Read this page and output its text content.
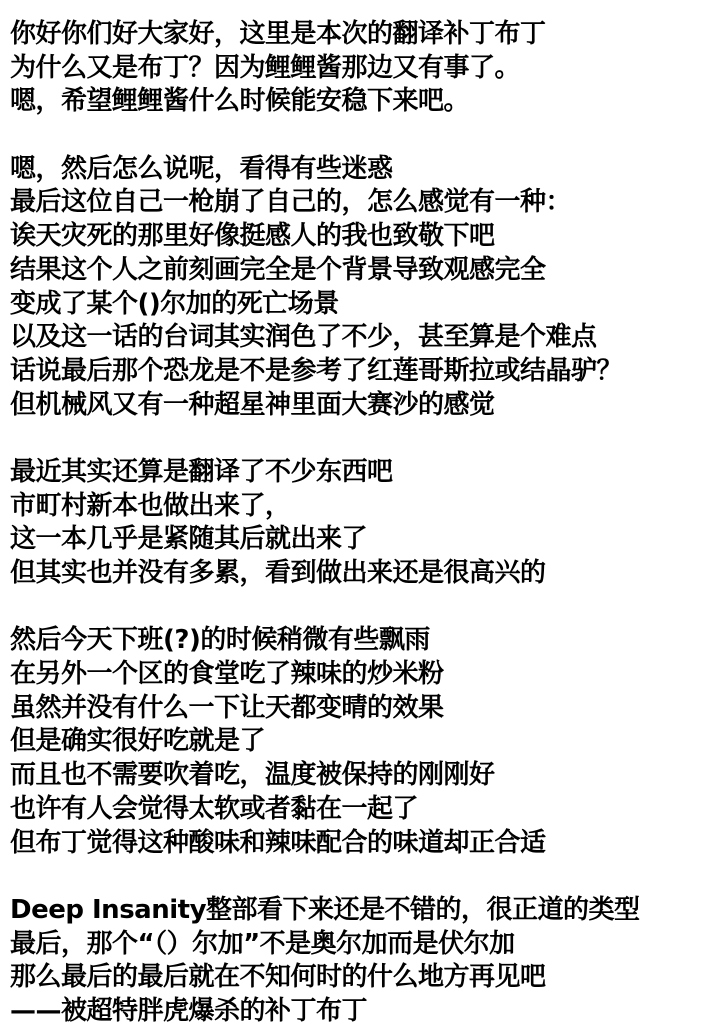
你好你们好大家好，这里是本次的翻译补丁布丁
为什么又是布丁？因为鲤鲤酱那边又有事了。
嗯，希望鲤鲤酱什么时候能安稳下来吧。
嗯，然后怎么说呢，看得有些迷惑
最后这位自己一枪崩了自己的，怎么感觉有一种：
诶天灾死的那里好像挺感人的我也致敬下吧
结果这个人之前刻画完全是个背景导致观感完全
变成了某个()尔加的死亡场景
以及这一话的台词其实润色了不少，甚至算是个难点
话说最后那个恐龙是不是参考了红莲哥斯拉或结晶驴？
但机械风又有一种超星神里面大赛沙的感觉
最近其实还算是翻译了不少东西吧
市町村新本也做出来了，
这一本几乎是紧随其后就出来了
但其实也并没有多累，看到做出来还是很高兴的
然后今天下班(?)的时候稍微有些飘雨
在另外一个区的食堂吃了辣味的炒米粉
虽然并没有什么一下让天都变晴的效果
但是确实很好吃就是了
而且也不需要吹着吃，温度被保持的刚刚好
也许有人会觉得太软或者黏在一起了
但布丁觉得这种酸味和辣味配合的味道却正合适
Deep Insanity整部看下来还是不错的，很正道的类型
最后，那个“（）尔加”不是奥尔加而是伏尔加
那么最后的最后就在不知何时的什么地方再见吧
——被超特胖虎爆杀的补丁布丁
